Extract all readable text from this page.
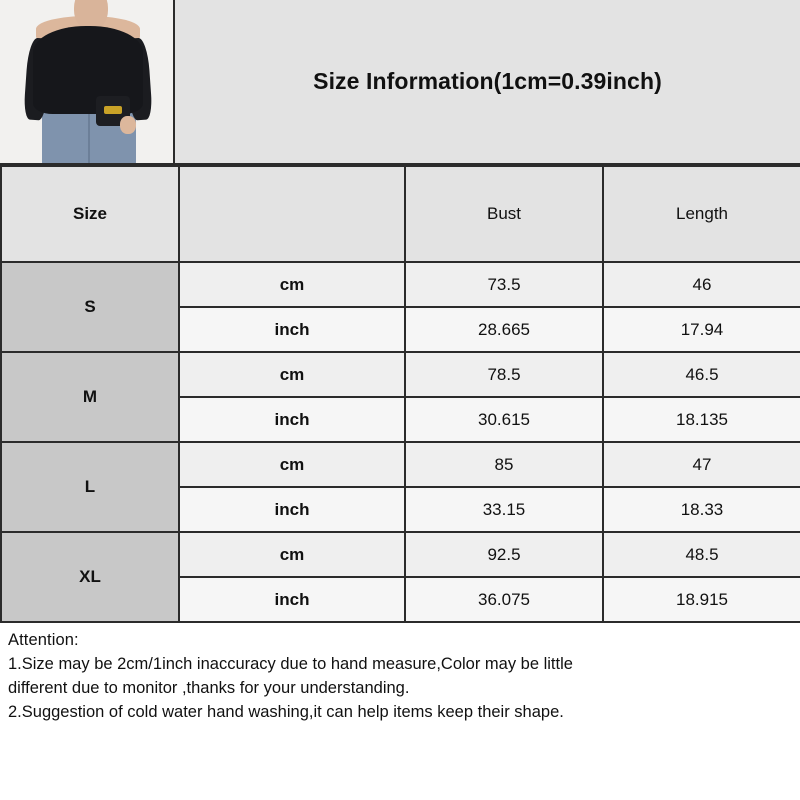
Size Information(1cm=0.39inch)
Size		Bust	Length
S	cm	73.5	46
	inch	28.665	17.94
M	cm	78.5	46.5
	inch	30.615	18.135
L	cm	85	47
	inch	33.15	18.33
XL	cm	92.5	48.5
	inch	36.075	18.915
Attention:
1.Size may be 2cm/1inch inaccuracy due to hand measure,Color may be little
different due to monitor ,thanks for your understanding.
2.Suggestion of cold water hand washing,it can help items keep their shape.
